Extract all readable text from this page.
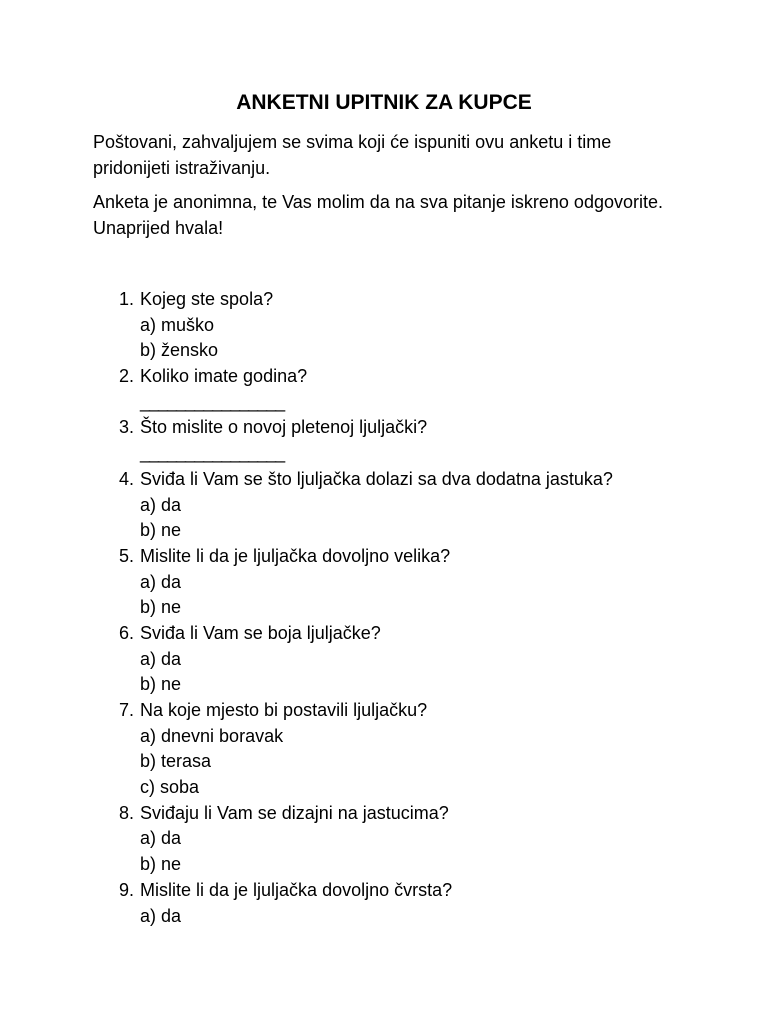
ANKETNI UPITNIK ZA KUPCE
Poštovani, zahvaljujem se svima koji će ispuniti ovu anketu i time pridonijeti istraživanju.
Anketa je anonimna, te Vas molim da na sva pitanje iskreno odgovorite. Unaprijed hvala!
1. Kojeg ste spola?
a) muško
b) žensko
2. Koliko imate godina?
________________
3. Što mislite o novoj pletenoj ljuljački?
________________
4. Sviđa li Vam se što ljuljačka dolazi sa dva dodatna jastuka?
a) da
b) ne
5. Mislite li da je ljuljačka dovoljno velika?
a) da
b) ne
6. Sviđa li Vam se boja ljuljačke?
a) da
b) ne
7. Na koje mjesto bi postavili ljuljačku?
a) dnevni boravak
b) terasa
c) soba
8. Sviđaju li Vam se dizajni na jastucima?
a) da
b) ne
9. Mislite li da je ljuljačka dovoljno čvrsta?
a) da
